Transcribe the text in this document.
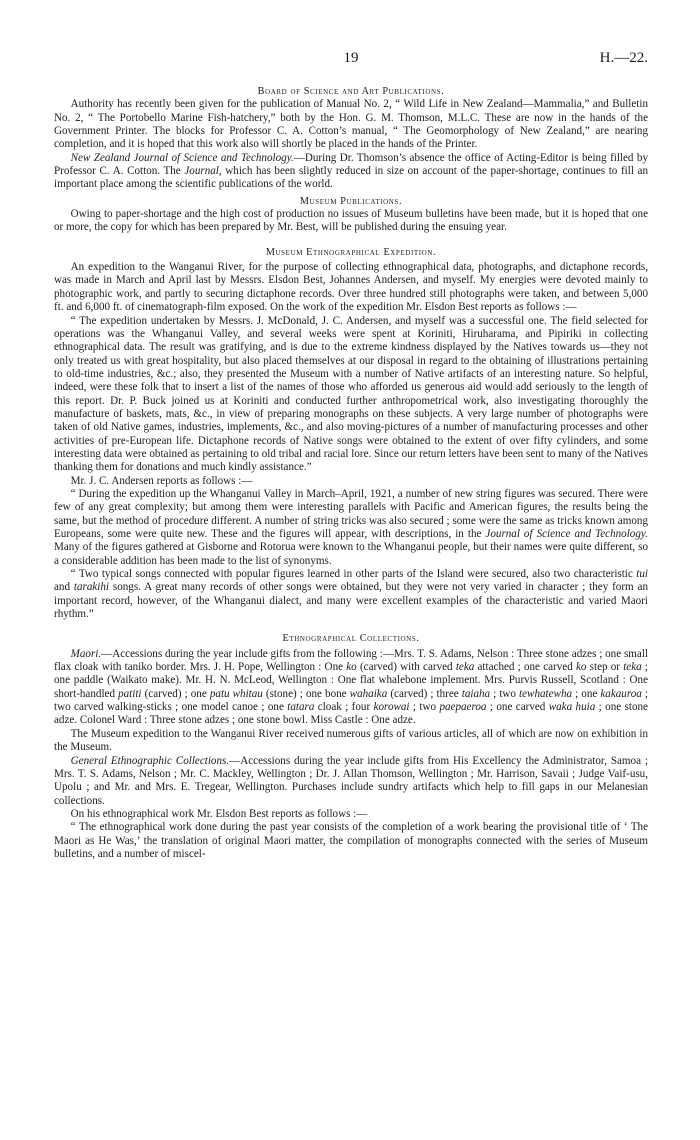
19	H.—22.
Board of Science and Art Publications.

Authority has recently been given for the publication of Manual No. 2, “ Wild Life in New Zealand—Mammalia,” and Bulletin No. 2, “ The Portobello Marine Fish-hatchery,” both by the Hon. G. M. Thomson, M.L.C. These are now in the hands of the Government Printer. The blocks for Professor C. A. Cotton’s manual, “ The Geomorphology of New Zealand,” are nearing completion, and it is hoped that this work also will shortly be placed in the hands of the Printer.

New Zealand Journal of Science and Technology.—During Dr. Thomson’s absence the office of Acting-Editor is being filled by Professor C. A. Cotton. The Journal, which has been slightly reduced in size on account of the paper-shortage, continues to fill an important place among the scientific publications of the world.

Museum Publications.

Owing to paper-shortage and the high cost of production no issues of Museum bulletins have been made, but it is hoped that one or more, the copy for which has been prepared by Mr. Best, will be published during the ensuing year.

Museum Ethnographical Expedition.

An expedition to the Wanganui River, for the purpose of collecting ethnographical data, photographs, and dictaphone records, was made in March and April last by Messrs. Elsdon Best, Johannes Andersen, and myself. My energies were devoted mainly to photographic work, and partly to securing dictaphone records. Over three hundred still photographs were taken, and between 5,000 ft. and 6,000 ft. of cinematograph-film exposed. On the work of the expedition Mr. Elsdon Best reports as follows :—

“ The expedition undertaken by Messrs. J. McDonald, J. C. Andersen, and myself was a successful one. The field selected for operations was the Whanganui Valley, and several weeks were spent at Koriniti, Hiruharama, and Pipiriki in collecting ethnographical data. The result was gratifying, and is due to the extreme kindness displayed by the Natives towards us—they not only treated us with great hospitality, but also placed themselves at our disposal in regard to the obtaining of illustrations pertaining to old-time industries, &c.; also, they presented the Museum with a number of Native artifacts of an interesting nature. So helpful, indeed, were these folk that to insert a list of the names of those who afforded us generous aid would add seriously to the length of this report. Dr. P. Buck joined us at Koriniti and conducted further anthropometrical work, also investigating thoroughly the manufacture of baskets, mats, &c., in view of preparing monographs on these subjects. A very large number of photographs were taken of old Native games, industries, implements, &c., and also moving-pictures of a number of manufacturing processes and other activities of pre-European life. Dictaphone records of Native songs were obtained to the extent of over fifty cylinders, and some interesting data were obtained as pertaining to old tribal and racial lore. Since our return letters have been sent to many of the Natives thanking them for donations and much kindly assistance.”

Mr. J. C. Andersen reports as follows :—

“ During the expedition up the Whanganui Valley in March–April, 1921, a number of new string figures was secured. There were few of any great complexity; but among them were interesting parallels with Pacific and American figures, the results being the same, but the method of procedure different. A number of string tricks was also secured ; some were the same as tricks known among Europeans, some were quite new. These and the figures will appear, with descriptions, in the Journal of Science and Technology. Many of the figures gathered at Gisborne and Rotorua were known to the Whanganui people, but their names were quite different, so a considerable addition has been made to the list of synonyms.

“ Two typical songs connected with popular figures learned in other parts of the Island were secured, also two characteristic tui and tarakihi songs. A great many records of other songs were obtained, but they were not very varied in character ; they form an important record, however, of the Whanganui dialect, and many were excellent examples of the characteristic and varied Maori rhythm.”

Ethnographical Collections.

Maori.—Accessions during the year include gifts from the following :—Mrs. T. S. Adams, Nelson : Three stone adzes ; one small flax cloak with taniko border. Mrs. J. H. Pope, Wellington : One ko (carved) with carved teka attached ; one carved ko step or teka ; one paddle (Waikato make). Mr. H. N. McLeod, Wellington : One flat whalebone implement. Mrs. Purvis Russell, Scotland : One short-handled patiti (carved) ; one patu whitau (stone) ; one bone wahaika (carved) ; three taiaha ; two tewhatewha ; one kakauroa ; two carved walking-sticks ; one model canoe ; one tatara cloak ; four korowai ; two paepaeroa ; one carved waka huia ; one stone adze. Colonel Ward : Three stone adzes ; one stone bowl. Miss Castle : One adze.

The Museum expedition to the Wanganui River received numerous gifts of various articles, all of which are now on exhibition in the Museum.

General Ethnographic Collections.—Accessions during the year include gifts from His Excellency the Administrator, Samoa ; Mrs. T. S. Adams, Nelson ; Mr. C. Mackley, Wellington ; Dr. J. Allan Thomson, Wellington ; Mr. Harrison, Savaii ; Judge Vaif-usu, Upolu ; and Mr. and Mrs. E. Tregear, Wellington. Purchases include sundry artifacts which help to fill gaps in our Melanesian collections.

On his ethnographical work Mr. Elsdon Best reports as follows :—

“ The ethnographical work done during the past year consists of the completion of a work bearing the provisional title of ‘ The Maori as He Was,’ the translation of original Maori matter, the compilation of monographs connected with the series of Museum bulletins, and a number of miscel-
